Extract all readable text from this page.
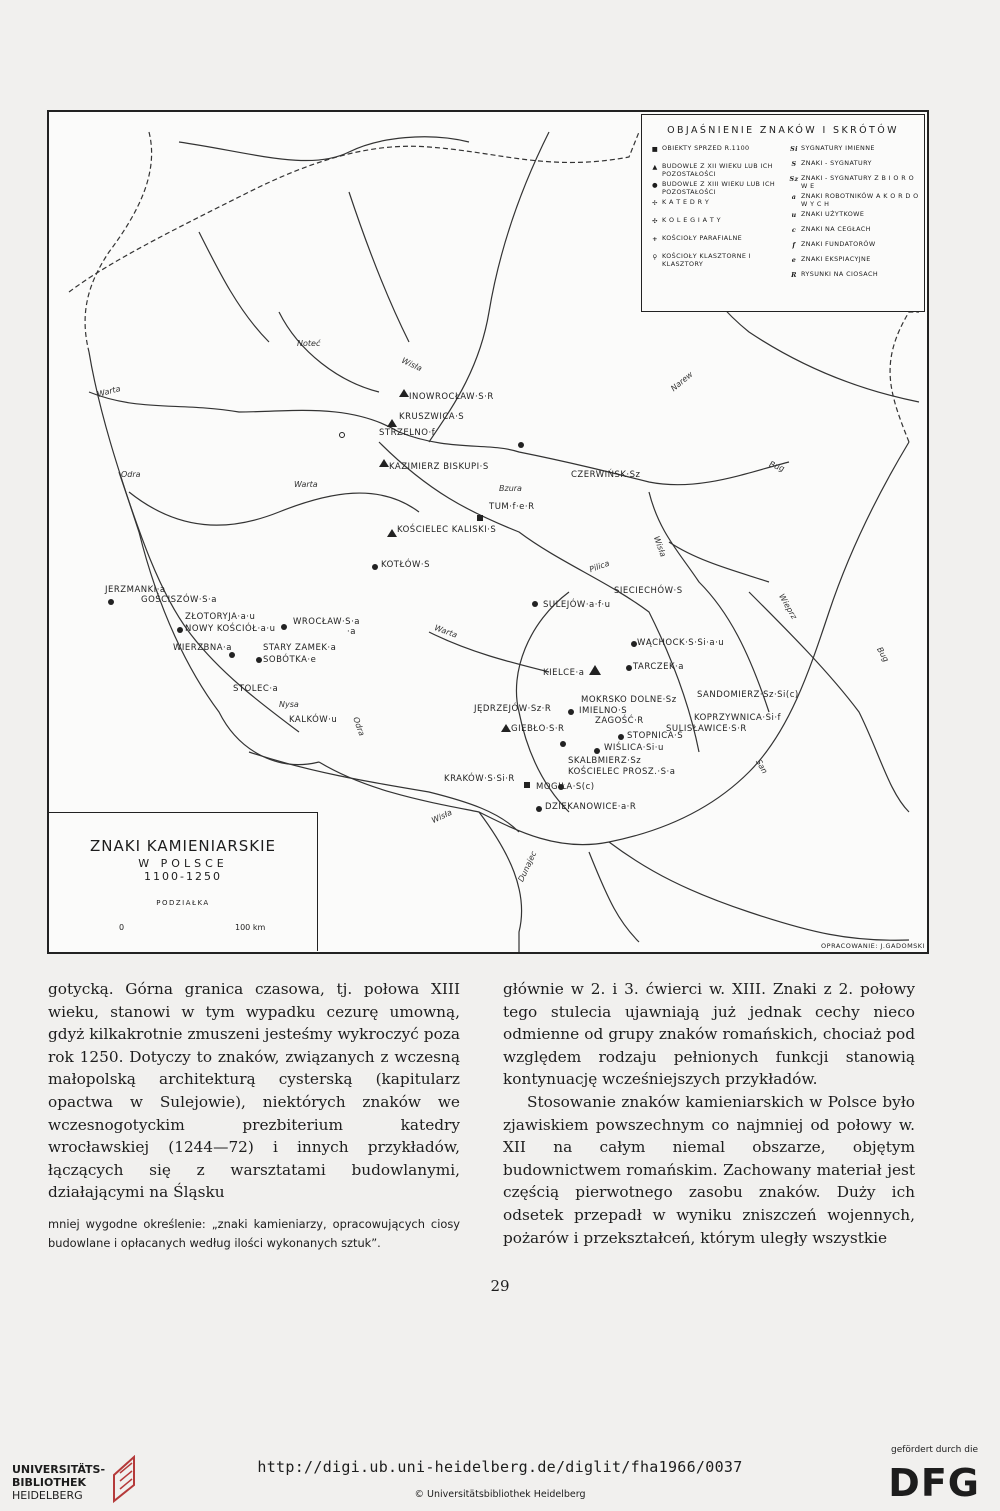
OBJAŚNIENIE ZNAKÓW I SKRÓTÓW
■ OBIEKTY SPRZED R.1100
▲ BUDOWLE Z XII WIEKU LUB ICH POZOSTAŁOŚCI
● BUDOWLE Z XIII WIEKU LUB ICH POZOSTAŁOŚCI
✢ K A T E D R Y
✣ K O L E G I A T Y
+ KOŚCIOŁY PARAFIALNE
⚲ KOŚCIOŁY KLASZTORNE I KLASZTORY
Si SYGNATURY IMIENNE
S ZNAKI - SYGNATURY
Sz ZNAKI - SYGNATURY Z B I O R O W E
a ZNAKI ROBOTNIKÓW A K O R D O W Y C H
u ZNAKI UŻYTKOWE
c ZNAKI NA CEGŁACH
f ZNAKI FUNDATORÓW
e ZNAKI EKSPIACYJNE
R RYSUNKI NA CIOSACH
Noteć
Wisła
Warta
Odra
Warta
Narew
Bug
Bzura
Pilica
Wisła
Wieprz
Bug
Warta
Nysa
Odra
San
Wisła
Dunajec
INOWROCŁAW·S·R
KRUSZWICA·S
STRZELNO·f
KAZIMIERZ BISKUPI·S
CZERWIŃSK·Sz
TUM·f·e·R
KOŚCIELEC KALISKI·S
KOTŁÓW·S
JERZMANKI·a
GOŚCISZÓW·S·a
ZŁOTORYJA·a·u
NOWY KOŚCIÓŁ·a·u
WROCŁAW·S·a
·a
WIERZBNA·a	STARY ZAMEK·a
SOBÓTKA·e
STOLEC·a
KALKÓW·u
SIECIECHÓW·S
SULEJÓW·a·f·u
WĄCHOCK·S·Si·a·u
KIELCE·a
TARCZEK·a
MOKRSKO DOLNE·Sz
JĘDRZEJÓW·Sz·R	IMIELNO·S
GIEBŁO·S·R
ZAGOŚĆ·R
SANDOMIERZ·Sz·Si(c)
KOPRZYWNICA·Si·f
SULISŁAWICE·S·R
STOPNICA·S
WIŚLICA·Si·u
SKALBMIERZ·Sz
KOŚCIELEC PROSZ.·S·a
KRAKÓW·S·Si·R
MOGIŁA·S(c)
DZIEKANOWICE·a·R
ZNAKI KAMIENIARSKIE
W POLSCE
1100-1250
PODZIAŁKA
0	100 km
OPRACOWANIE: J.GADOMSKI

gotycką. Górna granica czasowa, tj. połowa XIII wieku, stanowi w tym wypadku cezurę umowną, gdyż kilkakrotnie zmuszeni jesteśmy wykroczyć poza rok 1250. Dotyczy to znaków, związanych z wczesną małopolską architekturą cysterską (kapitularz opactwa w Sulejowie), niektórych znaków we wczesnogotyckim prezbiterium katedry wrocławskiej (1244—72) i innych przykładów, łączących się z warsztatami budowlanymi, działającymi na Śląsku

mniej wygodne określenie: „znaki kamieniarzy, opracowujących ciosy budowlane i opłacanych według ilości wykonanych sztuk”.

głównie w 2. i 3. ćwierci w. XIII. Znaki z 2. połowy tego stulecia ujawniają już jednak cechy nieco odmienne od grupy znaków romańskich, chociaż pod względem rodzaju pełnionych funkcji stanowią kontynuację wcześniejszych przykładów.

Stosowanie znaków kamieniarskich w Polsce było zjawiskiem powszechnym co najmniej od połowy w. XII na całym niemal obszarze, objętym budownictwem romańskim. Zachowany materiał jest częścią pierwotnego zasobu znaków. Duży ich odsetek przepadł w wyniku zniszczeń wojennych, pożarów i przekształceń, którym uległy wszystkie

29
UNIVERSITÄTS-
BIBLIOTHEK
HEIDELBERG
http://digi.ub.uni-heidelberg.de/diglit/fha1966/0037
© Universitätsbibliothek Heidelberg
gefördert durch die
DFG
